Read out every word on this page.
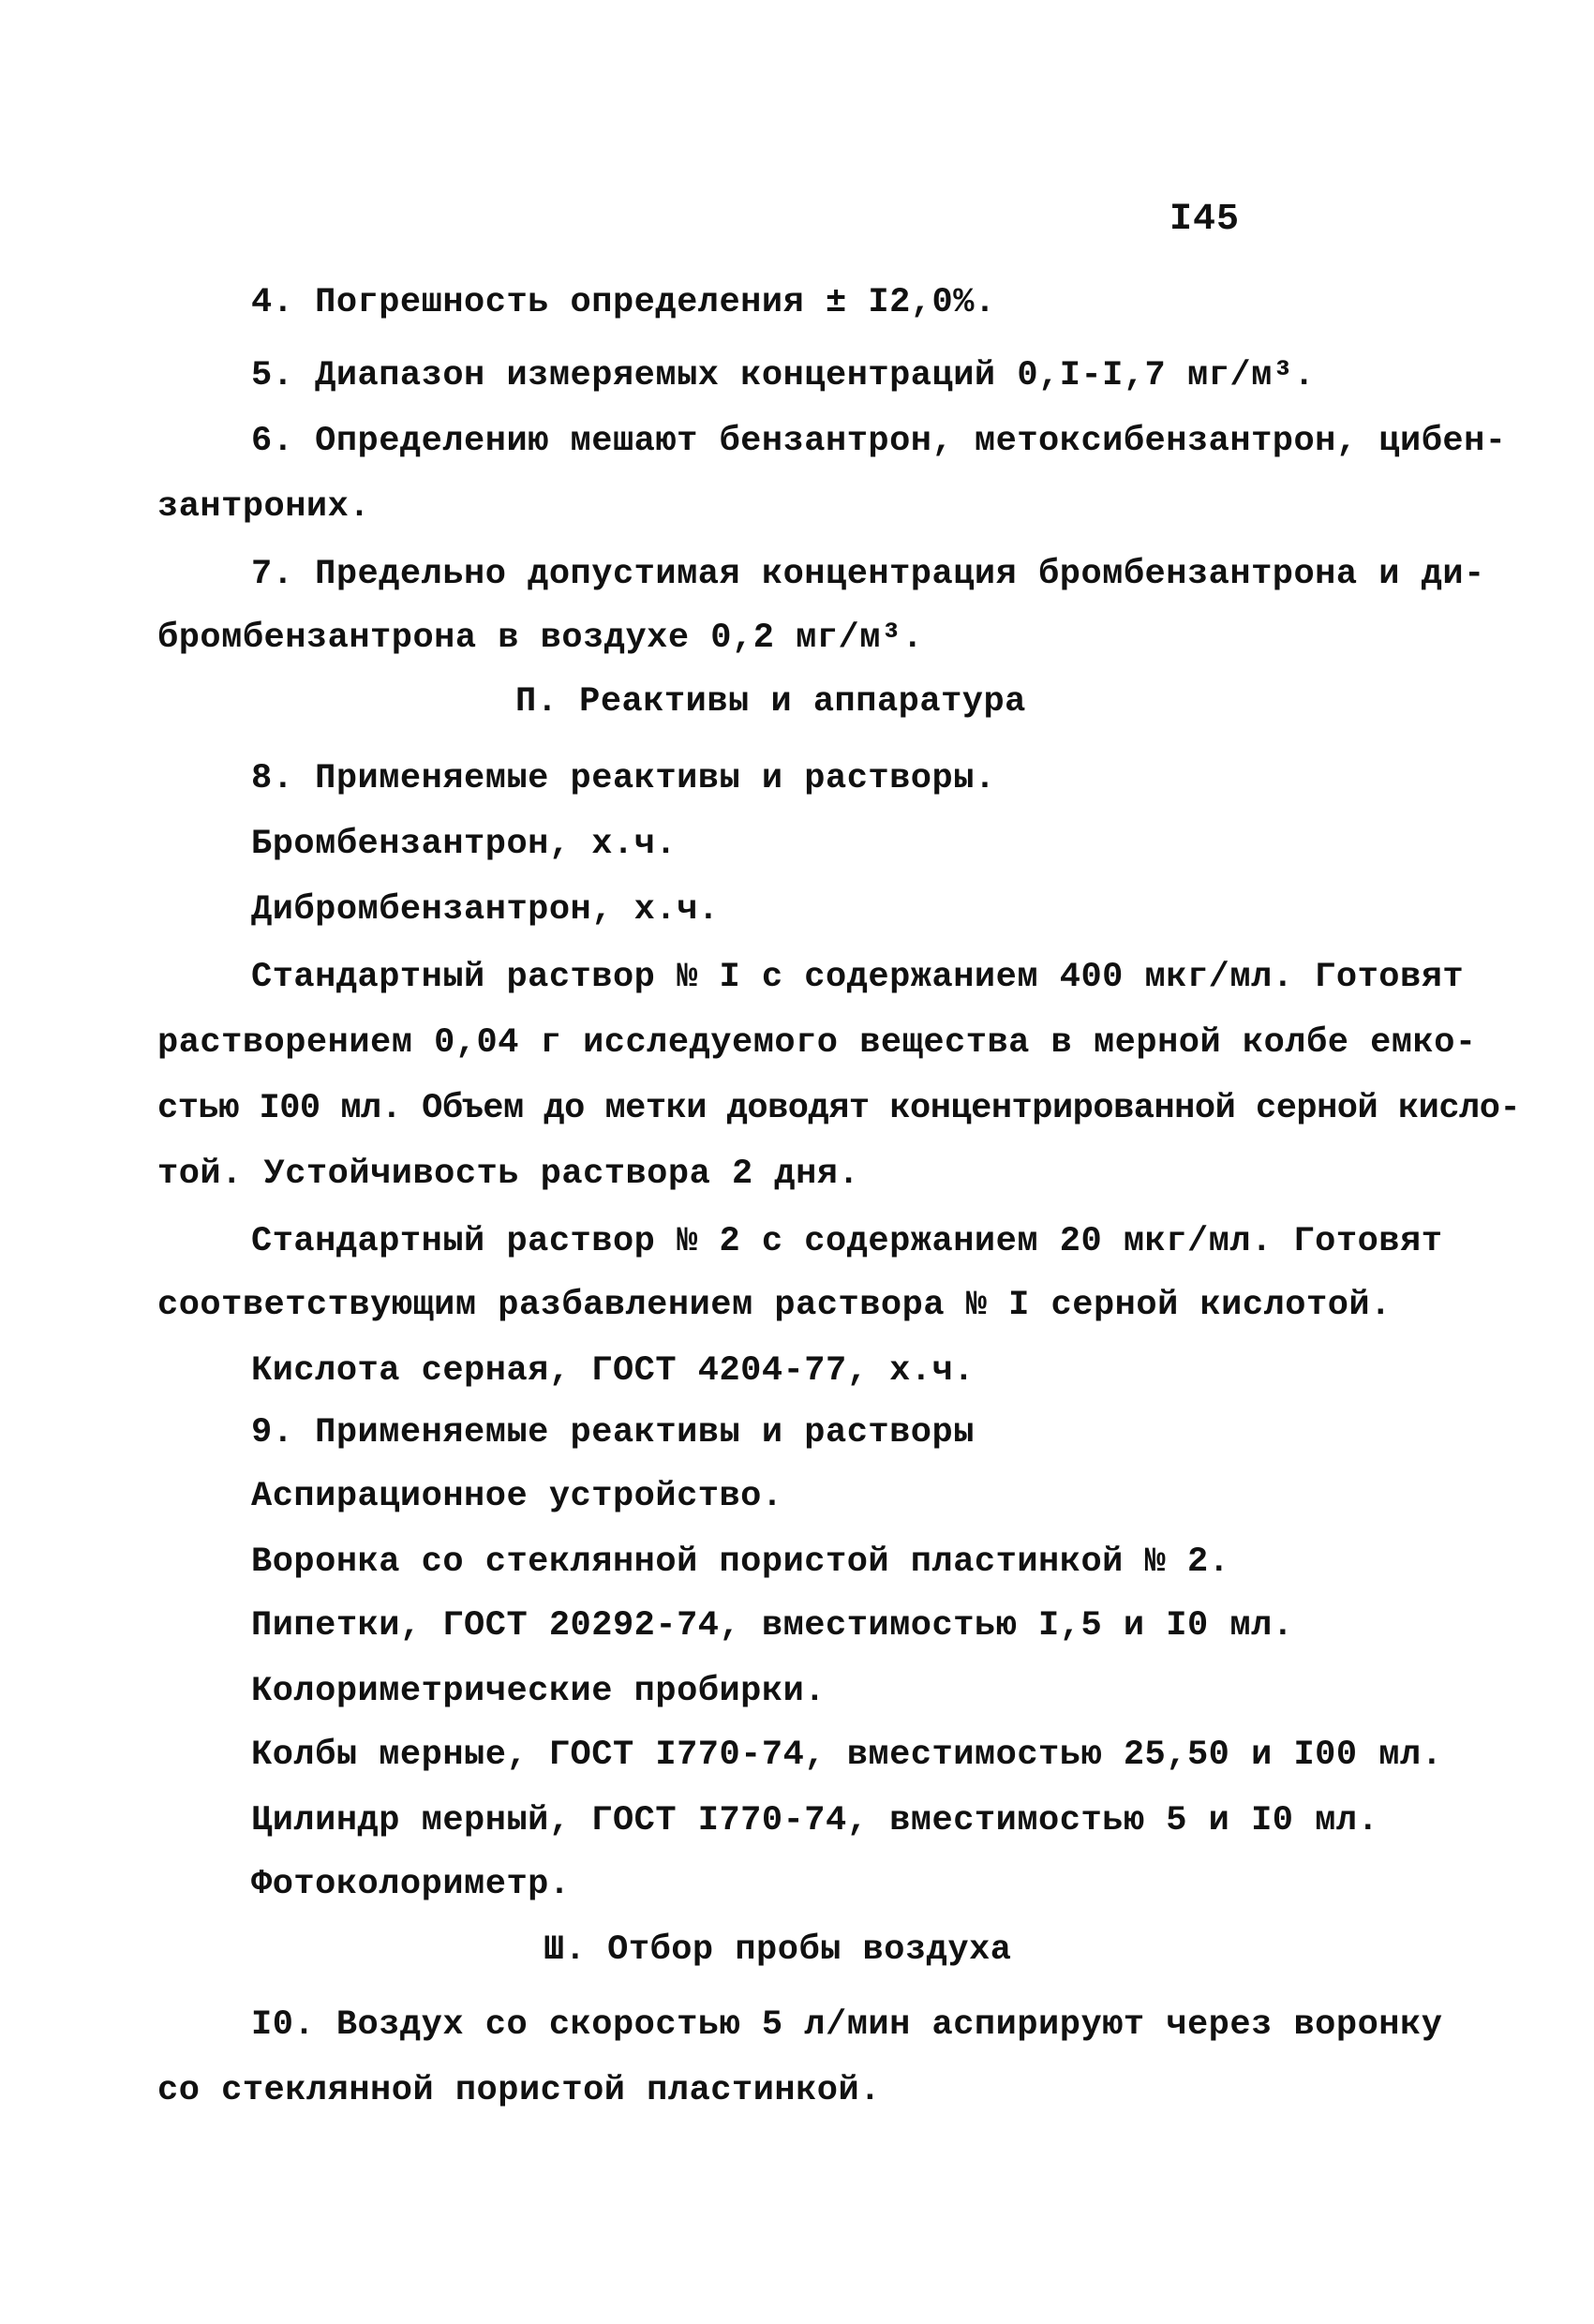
I45
4. Погрешность определения ± I2,0%.
5. Диапазон измеряемых концентраций 0,I-I,7 мг/м³.
6. Определению мешают бензантрон, метоксибензантрон, цибен-
зантроних.
7. Предельно допустимая концентрация бромбензантрона и ди-
бромбензантрона в воздухе 0,2 мг/м³.
П. Реактивы и аппаратура
8. Применяемые реактивы и растворы.
Бромбензантрон, х.ч.
Дибромбензантрон, х.ч.
Стандартный раствор № I с содержанием 400 мкг/мл. Готовят
растворением 0,04 г исследуемого вещества в мерной колбе емко-
стью I00 мл. Объем до метки доводят концентрированной серной кисло-
той. Устойчивость раствора 2 дня.
Стандартный раствор № 2 с содержанием 20 мкг/мл. Готовят
соответствующим разбавлением раствора № I серной кислотой.
Кислота серная, ГОСТ 4204-77, х.ч.
9. Применяемые реактивы и растворы
Аспирационное устройство.
Воронка со стеклянной пористой пластинкой № 2.
Пипетки, ГОСТ 20292-74, вместимостью I,5 и I0 мл.
Колориметрические пробирки.
Колбы мерные, ГОСТ I770-74, вместимостью 25,50 и I00 мл.
Цилиндр мерный, ГОСТ I770-74, вместимостью 5 и I0 мл.
Фотоколориметр.
Ш. Отбор пробы воздуха
I0. Воздух со скоростью 5 л/мин аспирируют через воронку
со стеклянной пористой пластинкой.
